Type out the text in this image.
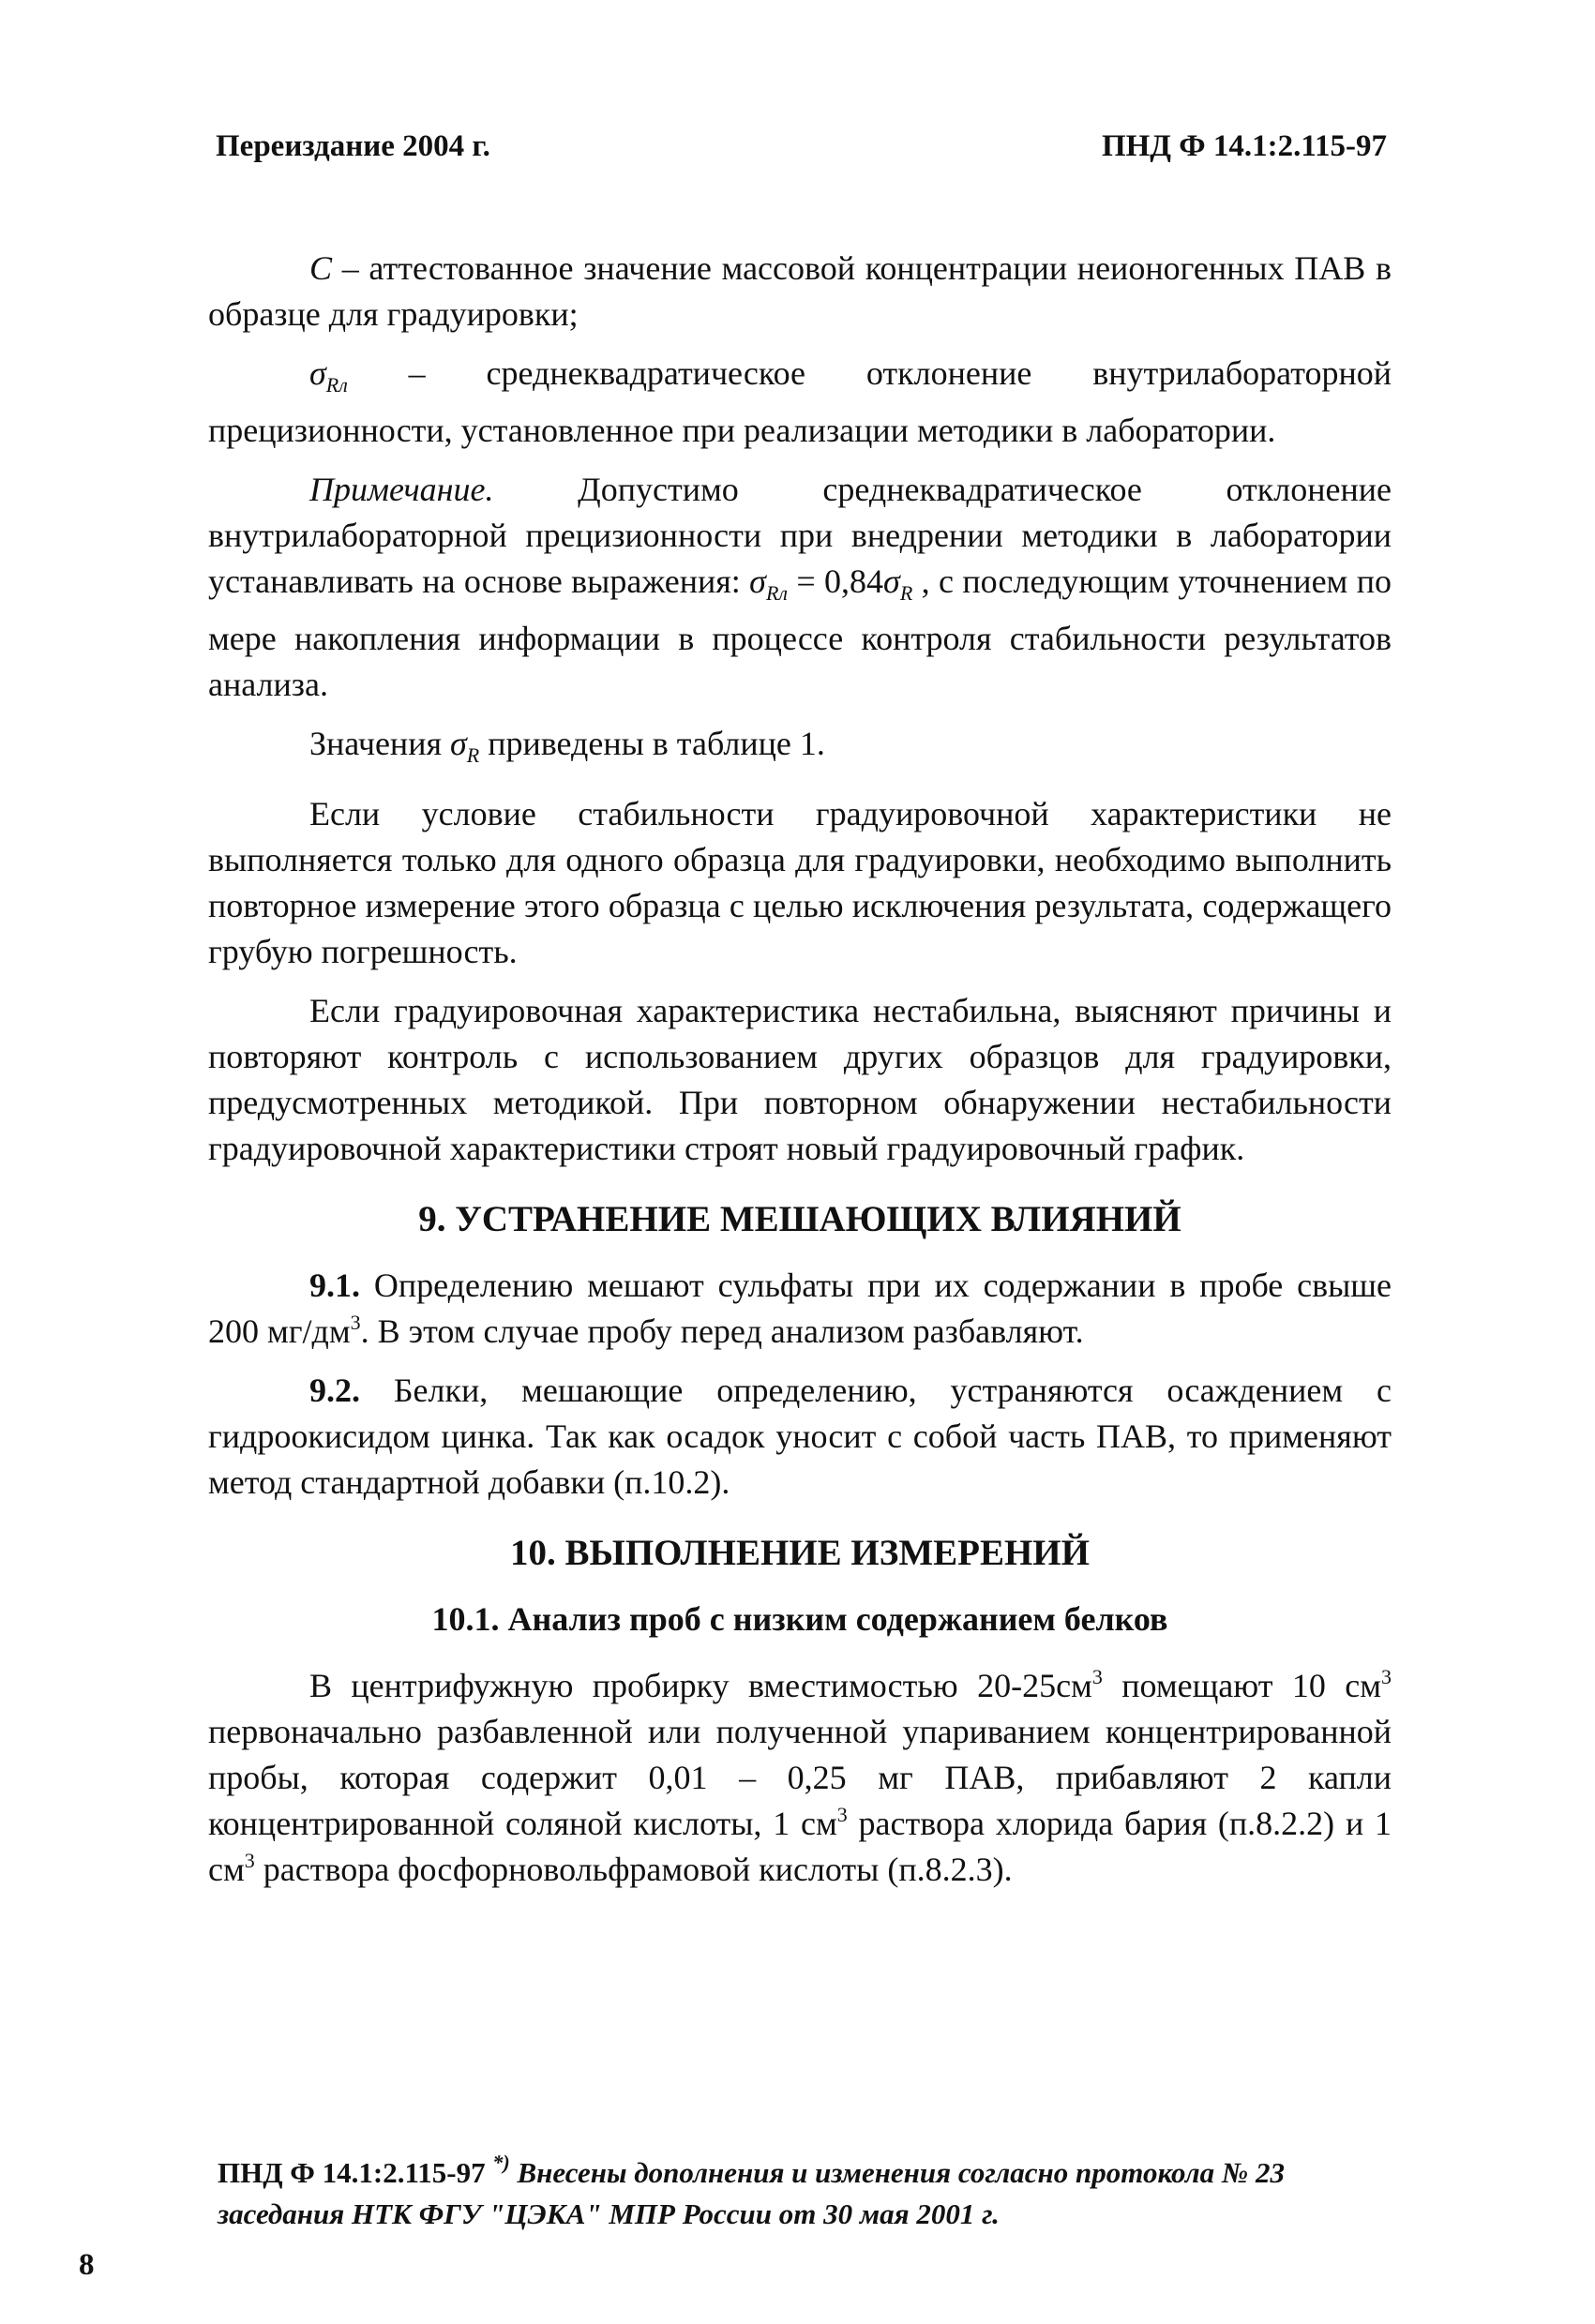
Переиздание 2004 г.	ПНД Ф 14.1:2.115-97

С – аттестованное значение массовой концентрации неионогенных ПАВ в образце для градуировки;

$\sigma_{Rл}$ – среднеквадратическое отклонение внутрилабораторной прецизионности, установленное при реализации методики в лаборатории.

Примечание. Допустимо среднеквадратическое отклонение внутрилабораторной прецизионности при внедрении методики в лаборатории устанавливать на основе выражения: $\sigma_{Rл} = 0,84\sigma_R$ , с последующим уточнением по мере накопления информации в процессе контроля стабильности результатов анализа.

Значения $\sigma_R$ приведены в таблице 1.

Если условие стабильности градуировочной характеристики не выполняется только для одного образца для градуировки, необходимо выполнить повторное измерение этого образца с целью исключения результата, содержащего грубую погрешность.

Если градуировочная характеристика нестабильна, выясняют причины и повторяют контроль с использованием других образцов для градуировки, предусмотренных методикой. При повторном обнаружении нестабильности градуировочной характеристики строят новый градуировочный график.

9. УСТРАНЕНИЕ МЕШАЮЩИХ ВЛИЯНИЙ

9.1. Определению мешают сульфаты при их содержании в пробе свыше 200 $мг/дм^3$. В этом случае пробу перед анализом разбавляют.

9.2. Белки, мешающие определению, устраняются осаждением с гидроокисидом цинка. Так как осадок уносит с собой часть ПАВ, то применяют метод стандартной добавки (п.10.2).

10. ВЫПОЛНЕНИЕ ИЗМЕРЕНИЙ
10.1. Анализ проб с низким содержанием белков

В центрифужную пробирку вместимостью $20-25см^3$ помещают 10 $см^3$ первоначально разбавленной или полученной упариванием концентрированной пробы, которая содержит 0,01 – 0,25 мг ПАВ, прибавляют 2 капли концентрированной соляной кислоты, 1 $см^3$ раствора хлорида бария (п.8.2.2) и 1 $см^3$ раствора фосфорновольфрамовой кислоты (п.8.2.3).

ПНД Ф 14.1:2.115-97 *) Внесены дополнения и изменения согласно протокола № 23 заседания НТК ФГУ "ЦЭКА" МПР России от 30 мая 2001 г.
8
